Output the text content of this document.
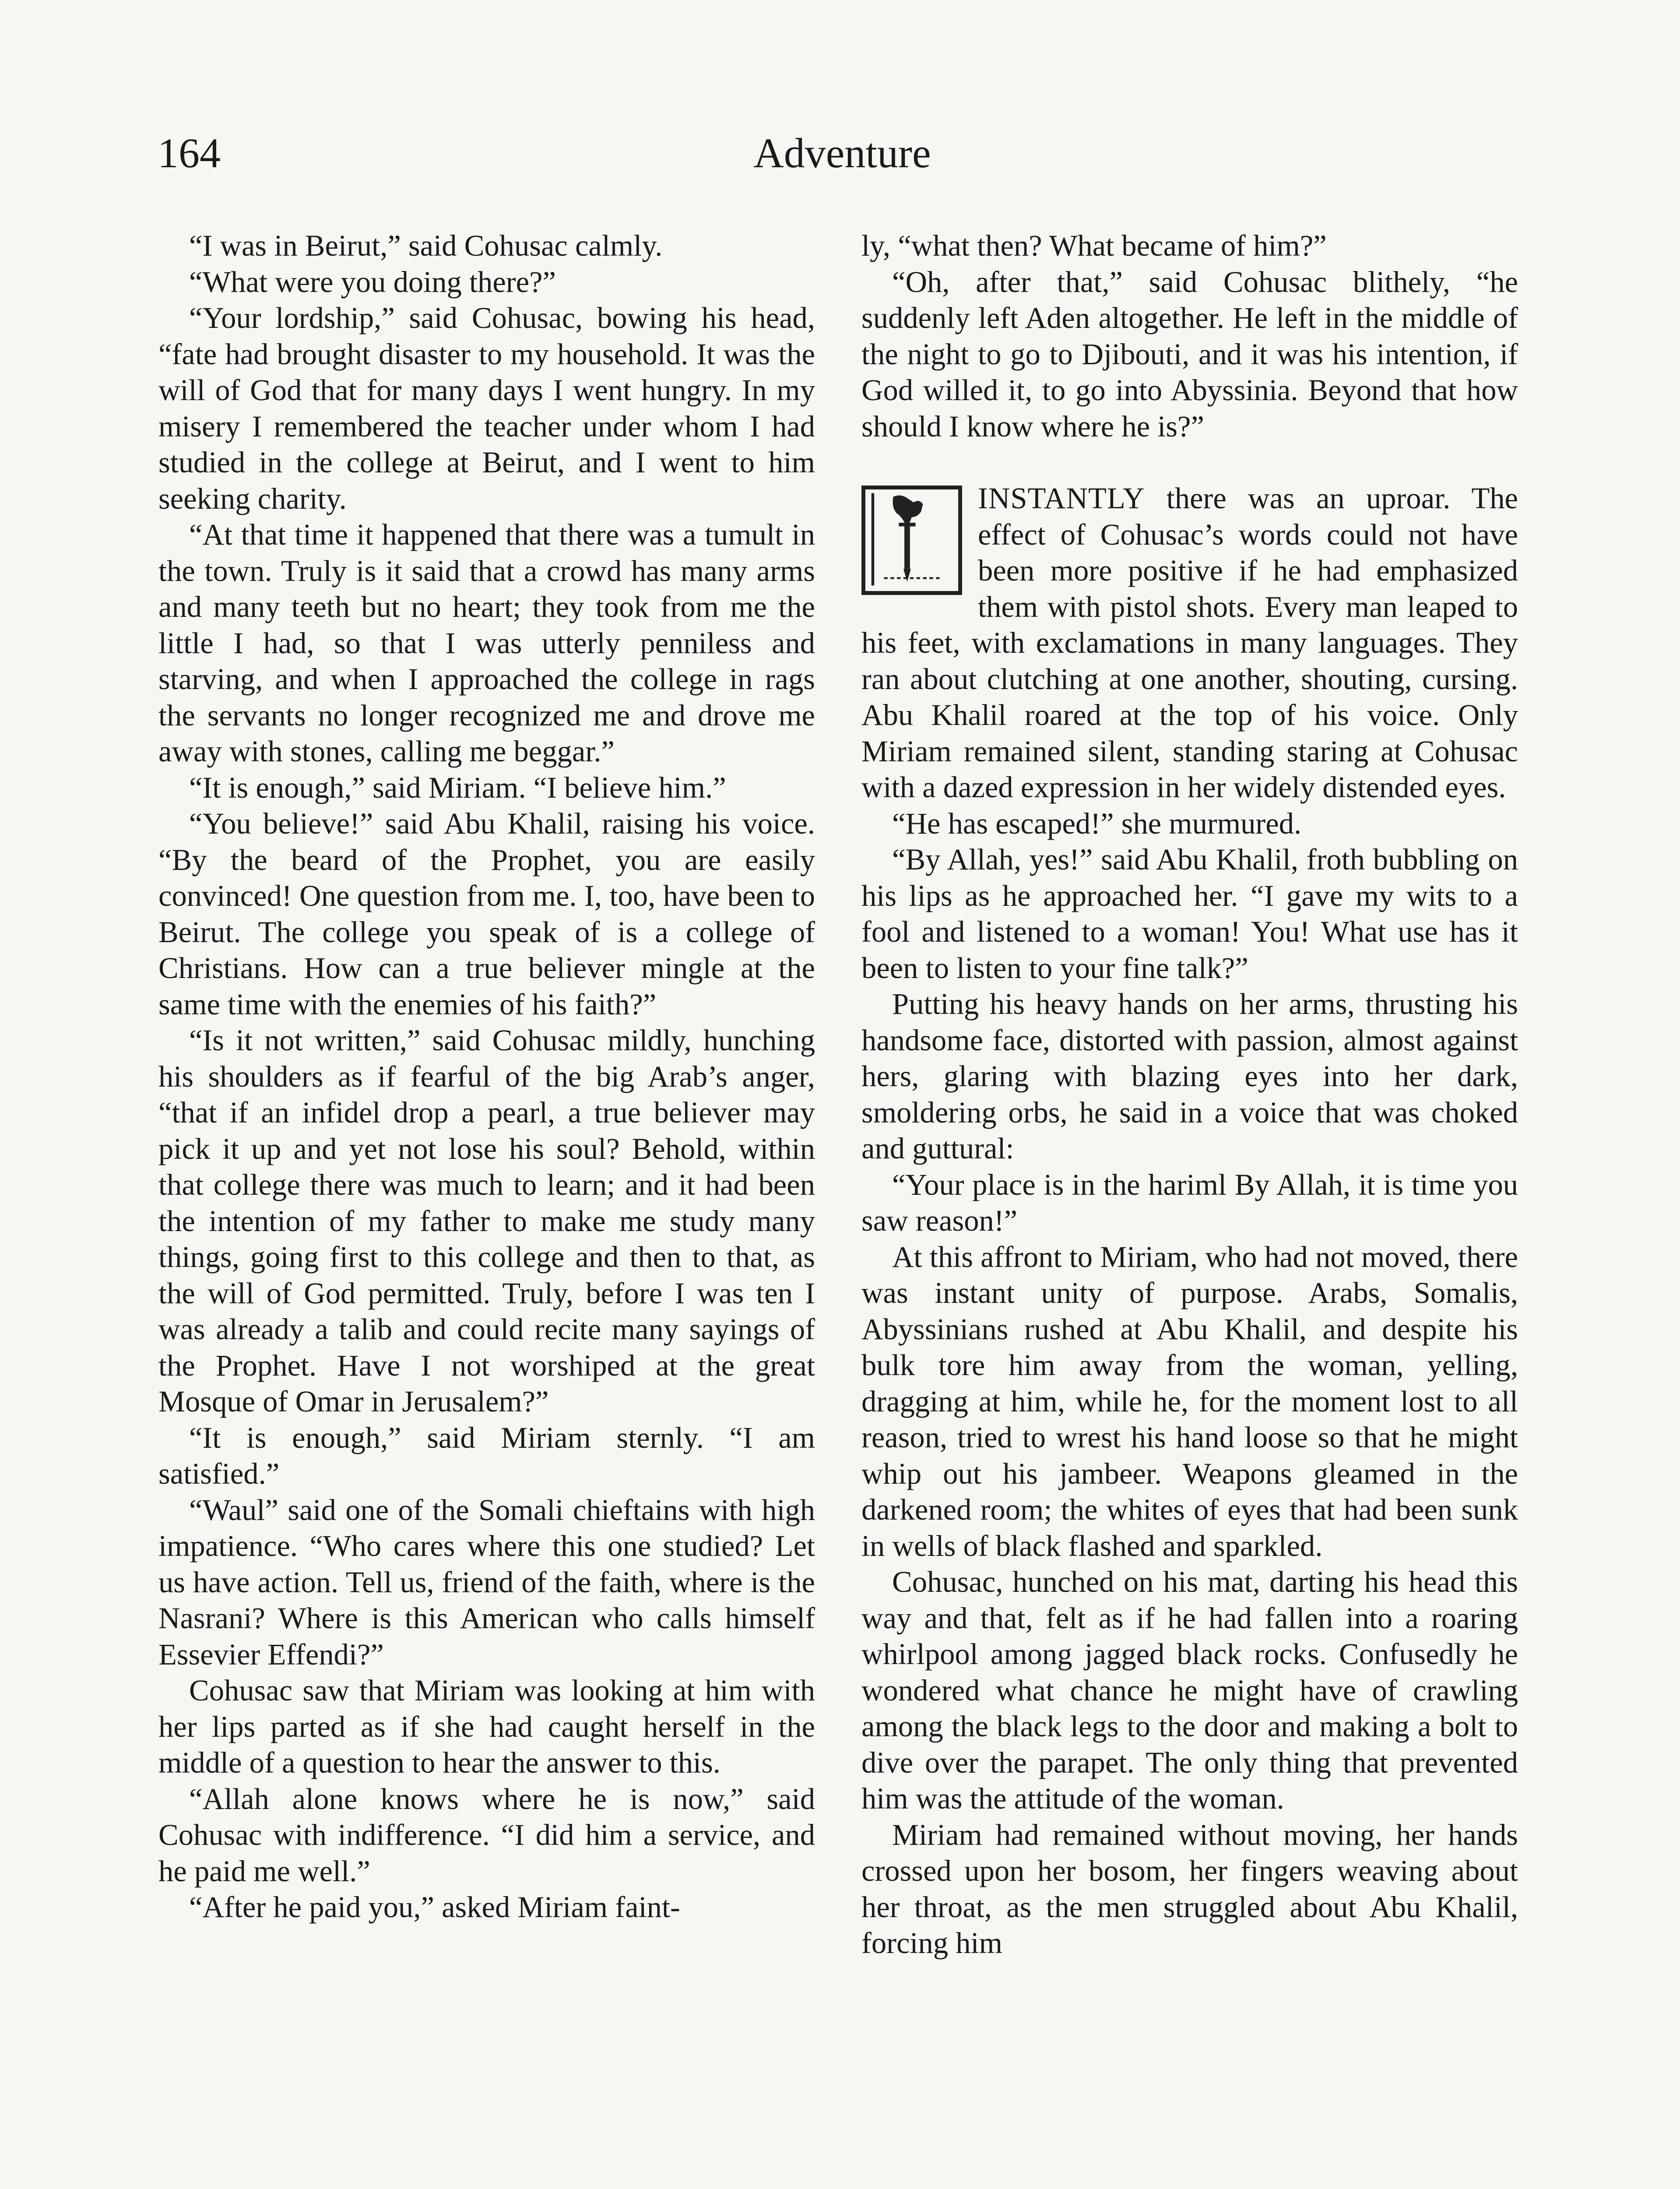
164	Adventure

“I was in Beirut,” said Cohusac calmly.

“What were you doing there?”

“Your lordship,” said Cohusac, bowing his head, “fate had brought disaster to my household. It was the will of God that for many days I went hungry. In my misery I remembered the teacher under whom I had studied in the college at Beirut, and I went to him seeking charity.

“At that time it happened that there was a tumult in the town. Truly is it said that a crowd has many arms and many teeth but no heart; they took from me the little I had, so that I was utterly penniless and starving, and when I approached the college in rags the servants no longer recognized me and drove me away with stones, calling me beggar.”

“It is enough,” said Miriam. “I believe him.”

“You believe!” said Abu Khalil, raising his voice. “By the beard of the Prophet, you are easily convinced! One question from me. I, too, have been to Beirut. The college you speak of is a college of Christians. How can a true believer mingle at the same time with the enemies of his faith?”

“Is it not written,” said Cohusac mildly, hunching his shoulders as if fearful of the big Arab’s anger, “that if an infidel drop a pearl, a true believer may pick it up and yet not lose his soul? Behold, within that college there was much to learn; and it had been the intention of my father to make me study many things, going first to this college and then to that, as the will of God permitted. Truly, before I was ten I was already a talib and could recite many sayings of the Prophet. Have I not worshiped at the great Mosque of Omar in Jerusalem?”

“It is enough,” said Miriam sternly. “I am satisfied.”

“Waul” said one of the Somali chieftains with high impatience. “Who cares where this one studied? Let us have action. Tell us, friend of the faith, where is the Nasrani? Where is this American who calls himself Essevier Effendi?”

Cohusac saw that Miriam was looking at him with her lips parted as if she had caught herself in the middle of a question to hear the answer to this.

“Allah alone knows where he is now,” said Cohusac with indifference. “I did him a service, and he paid me well.”

“After he paid you,” asked Miriam faint-

ly, “what then? What became of him?”

“Oh, after that,” said Cohusac blithely, “he suddenly left Aden altogether. He left in the middle of the night to go to Djibouti, and it was his intention, if God willed it, to go into Abyssinia. Beyond that how should I know where he is?”

INSTANTLY there was an uproar. The effect of Cohusac’s words could not have been more positive if he had emphasized them with pistol shots. Every man leaped to his feet, with exclamations in many languages. They ran about clutching at one another, shouting, cursing. Abu Khalil roared at the top of his voice. Only Miriam remained silent, standing staring at Cohusac with a dazed expression in her widely distended eyes.

“He has escaped!” she murmured.

“By Allah, yes!” said Abu Khalil, froth bubbling on his lips as he approached her. “I gave my wits to a fool and listened to a woman! You! What use has it been to listen to your fine talk?”

Putting his heavy hands on her arms, thrusting his handsome face, distorted with passion, almost against hers, glaring with blazing eyes into her dark, smoldering orbs, he said in a voice that was choked and guttural:

“Your place is in the hariml By Allah, it is time you saw reason!”

At this affront to Miriam, who had not moved, there was instant unity of purpose. Arabs, Somalis, Abyssinians rushed at Abu Khalil, and despite his bulk tore him away from the woman, yelling, dragging at him, while he, for the moment lost to all reason, tried to wrest his hand loose so that he might whip out his jambeer. Weapons gleamed in the darkened room; the whites of eyes that had been sunk in wells of black flashed and sparkled.

Cohusac, hunched on his mat, darting his head this way and that, felt as if he had fallen into a roaring whirlpool among jagged black rocks. Confusedly he wondered what chance he might have of crawling among the black legs to the door and making a bolt to dive over the parapet. The only thing that prevented him was the attitude of the woman.

Miriam had remained without moving, her hands crossed upon her bosom, her fingers weaving about her throat, as the men struggled about Abu Khalil, forcing him
